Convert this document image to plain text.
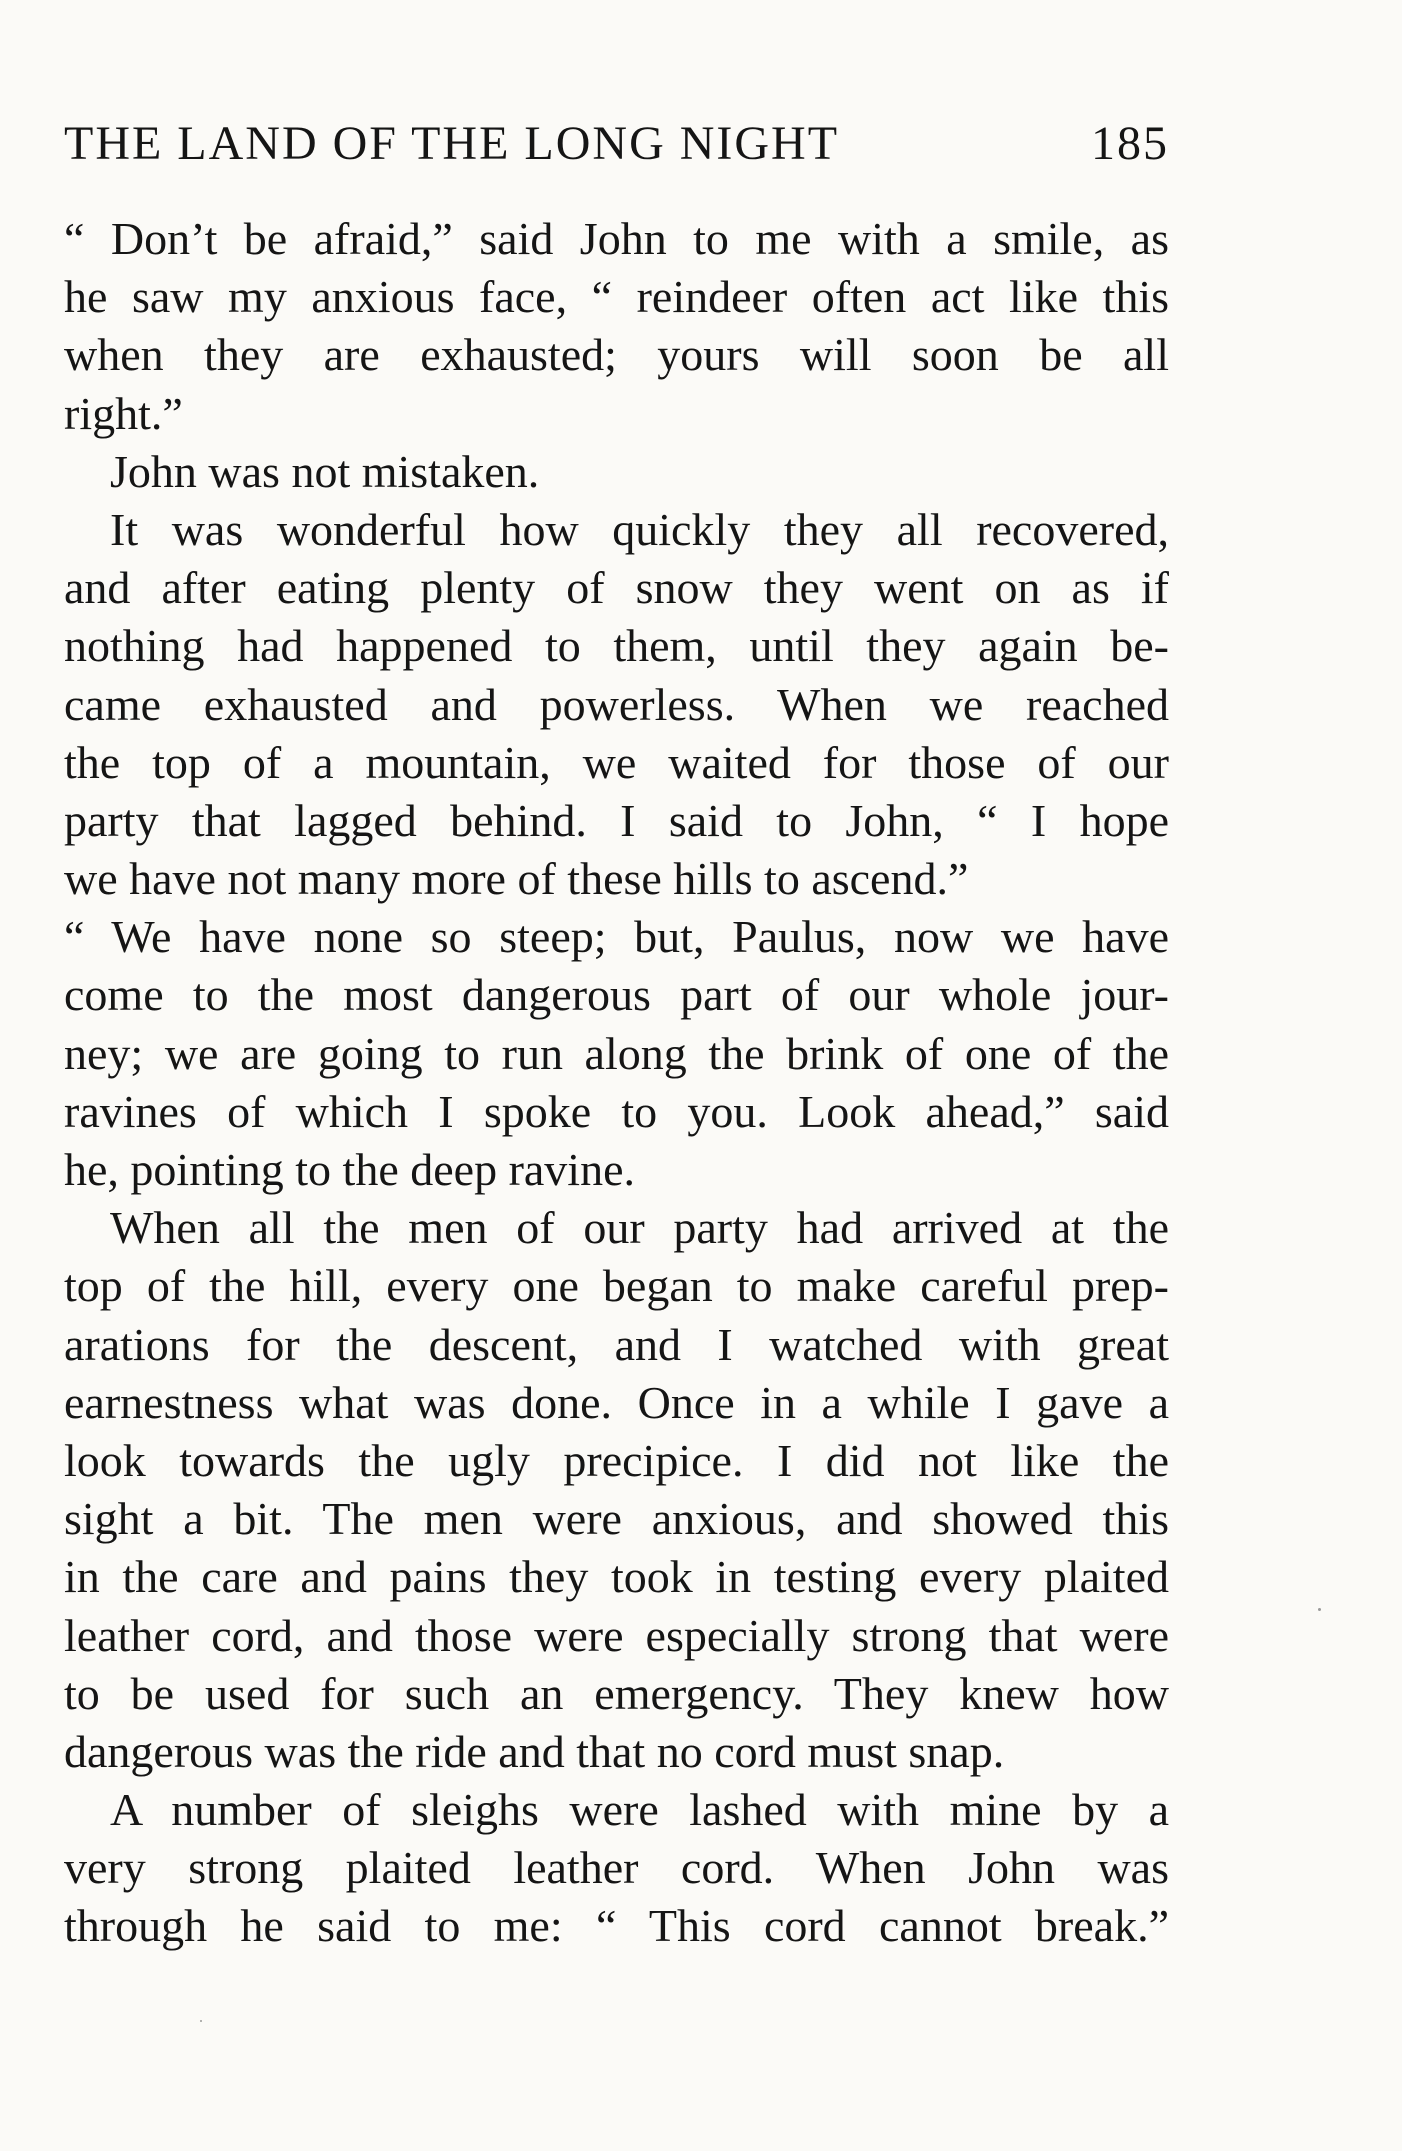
THE LAND OF THE LONG NIGHT	185
“ Don’t be afraid,” said John to me with a smile, as
he saw my anxious face, “ reindeer often act like this
when they are exhausted; yours will soon be all
right.”
John was not mistaken.
It was wonderful how quickly they all recovered,
and after eating plenty of snow they went on as if
nothing had happened to them, until they again be-
came exhausted and powerless. When we reached
the top of a mountain, we waited for those of our
party that lagged behind. I said to John, “ I hope
we have not many more of these hills to ascend.”
“ We have none so steep; but, Paulus, now we have
come to the most dangerous part of our whole jour-
ney; we are going to run along the brink of one of the
ravines of which I spoke to you. Look ahead,” said
he, pointing to the deep ravine.
When all the men of our party had arrived at the
top of the hill, every one began to make careful prep-
arations for the descent, and I watched with great
earnestness what was done. Once in a while I gave a
look towards the ugly precipice. I did not like the
sight a bit. The men were anxious, and showed this
in the care and pains they took in testing every plaited
leather cord, and those were especially strong that were
to be used for such an emergency. They knew how
dangerous was the ride and that no cord must snap.
A number of sleighs were lashed with mine by a
very strong plaited leather cord. When John was
through he said to me: “ This cord cannot break.”
